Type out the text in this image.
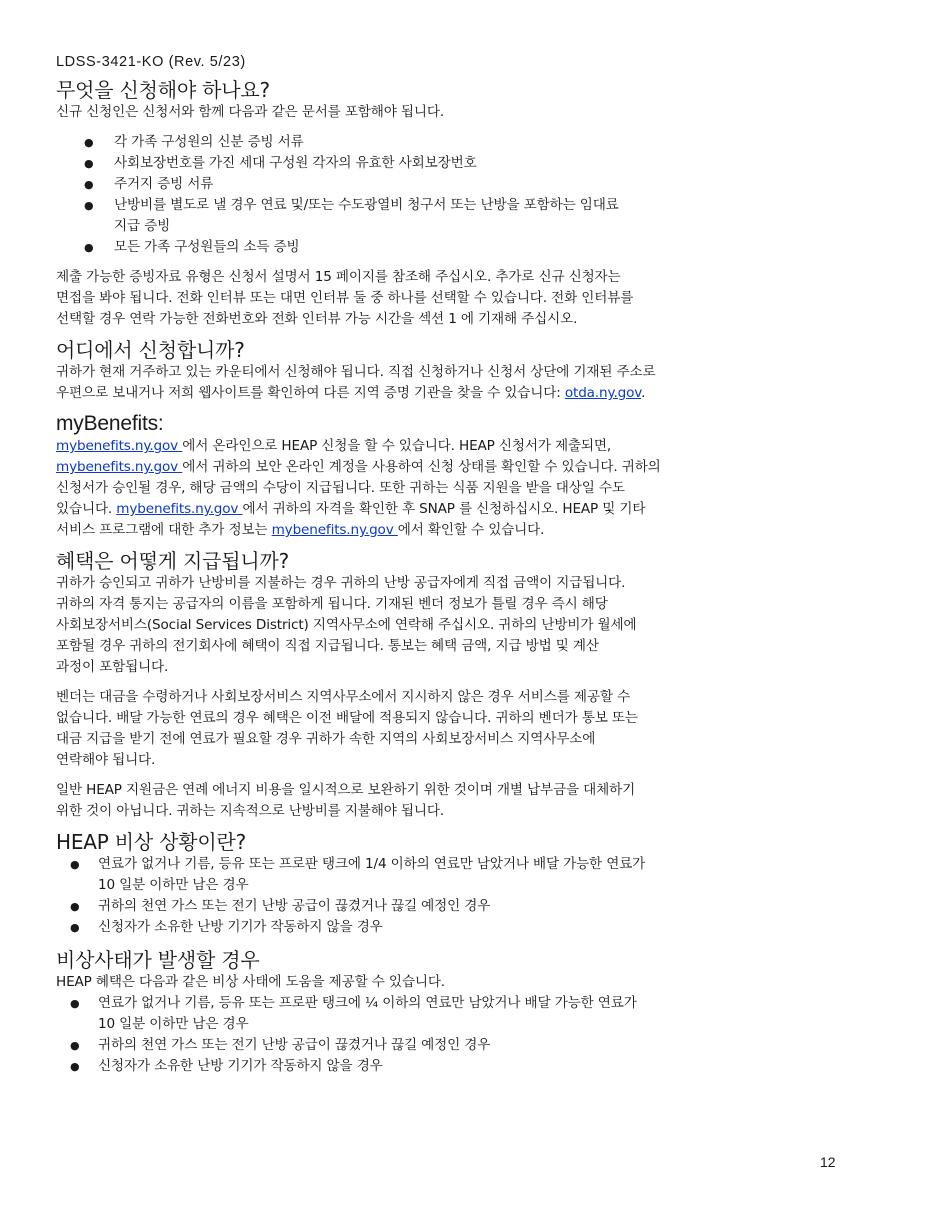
LDSS-3421-KO (Rev. 5/23)
무엇을 신청해야 하나요?

신규 신청인은 신청서와 함께 다음과 같은 문서를 포함해야 됩니다.

● 각 가족 구성원의 신분 증빙 서류
● 사회보장번호를 가진 세대 구성원 각자의 유효한 사회보장번호
● 주거지 증빙 서류
● 난방비를 별도로 낼 경우 연료 및/또는 수도광열비 청구서 또는 난방을 포함하는 임대료
지급 증빙
● 모든 가족 구성원들의 소득 증빙

제출 가능한 증빙자료 유형은 신청서 설명서 15 페이지를 참조해 주십시오. 추가로 신규 신청자는
면접을 봐야 됩니다. 전화 인터뷰 또는 대면 인터뷰 둘 중 하나를 선택할 수 있습니다. 전화 인터뷰를
선택할 경우 연락 가능한 전화번호와 전화 인터뷰 가능 시간을 섹션 1 에 기재해 주십시오.

어디에서 신청합니까?

귀하가 현재 거주하고 있는 카운티에서 신청해야 됩니다. 직접 신청하거나 신청서 상단에 기재된 주소로
우편으로 보내거나 저희 웹사이트를 확인하여 다른 지역 증명 기관을 찾을 수 있습니다: otda.ny.gov.

myBenefits:

mybenefits.ny.gov 에서 온라인으로 HEAP 신청을 할 수 있습니다. HEAP 신청서가 제출되면,
mybenefits.ny.gov 에서 귀하의 보안 온라인 계정을 사용하여 신청 상태를 확인할 수 있습니다. 귀하의
신청서가 승인될 경우, 해당 금액의 수당이 지급됩니다. 또한 귀하는 식품 지원을 받을 대상일 수도
있습니다. mybenefits.ny.gov 에서 귀하의 자격을 확인한 후 SNAP 를 신청하십시오. HEAP 및 기타
서비스 프로그램에 대한 추가 정보는 mybenefits.ny.gov 에서 확인할 수 있습니다.

혜택은 어떻게 지급됩니까?

귀하가 승인되고 귀하가 난방비를 지불하는 경우 귀하의 난방 공급자에게 직접 금액이 지급됩니다.
귀하의 자격 통지는 공급자의 이름을 포함하게 됩니다. 기재된 벤더 정보가 틀릴 경우 즉시 해당
사회보장서비스(Social Services District) 지역사무소에 연락해 주십시오. 귀하의 난방비가 월세에
포함될 경우 귀하의 전기회사에 혜택이 직접 지급됩니다. 통보는 혜택 금액, 지급 방법 및 계산
과정이 포함됩니다.

벤더는 대금을 수령하거나 사회보장서비스 지역사무소에서 지시하지 않은 경우 서비스를 제공할 수
없습니다. 배달 가능한 연료의 경우 혜택은 이전 배달에 적용되지 않습니다. 귀하의 벤더가 통보 또는
대금 지급을 받기 전에 연료가 필요할 경우 귀하가 속한 지역의 사회보장서비스 지역사무소에
연락해야 됩니다.

일반 HEAP 지원금은 연례 에너지 비용을 일시적으로 보완하기 위한 것이며 개별 납부금을 대체하기
위한 것이 아닙니다. 귀하는 지속적으로 난방비를 지불해야 됩니다.

HEAP 비상 상황이란?
● 연료가 없거나 기름, 등유 또는 프로판 탱크에 1/4 이하의 연료만 남았거나 배달 가능한 연료가
10 일분 이하만 남은 경우
● 귀하의 천연 가스 또는 전기 난방 공급이 끊겼거나 끊길 예정인 경우
● 신청자가 소유한 난방 기기가 작동하지 않을 경우
비상사태가 발생할 경우

HEAP 혜택은 다음과 같은 비상 사태에 도움을 제공할 수 있습니다.

● 연료가 없거나 기름, 등유 또는 프로판 탱크에 ¼ 이하의 연료만 남았거나 배달 가능한 연료가
10 일분 이하만 남은 경우
● 귀하의 천연 가스 또는 전기 난방 공급이 끊겼거나 끊길 예정인 경우
● 신청자가 소유한 난방 기기가 작동하지 않을 경우
12
